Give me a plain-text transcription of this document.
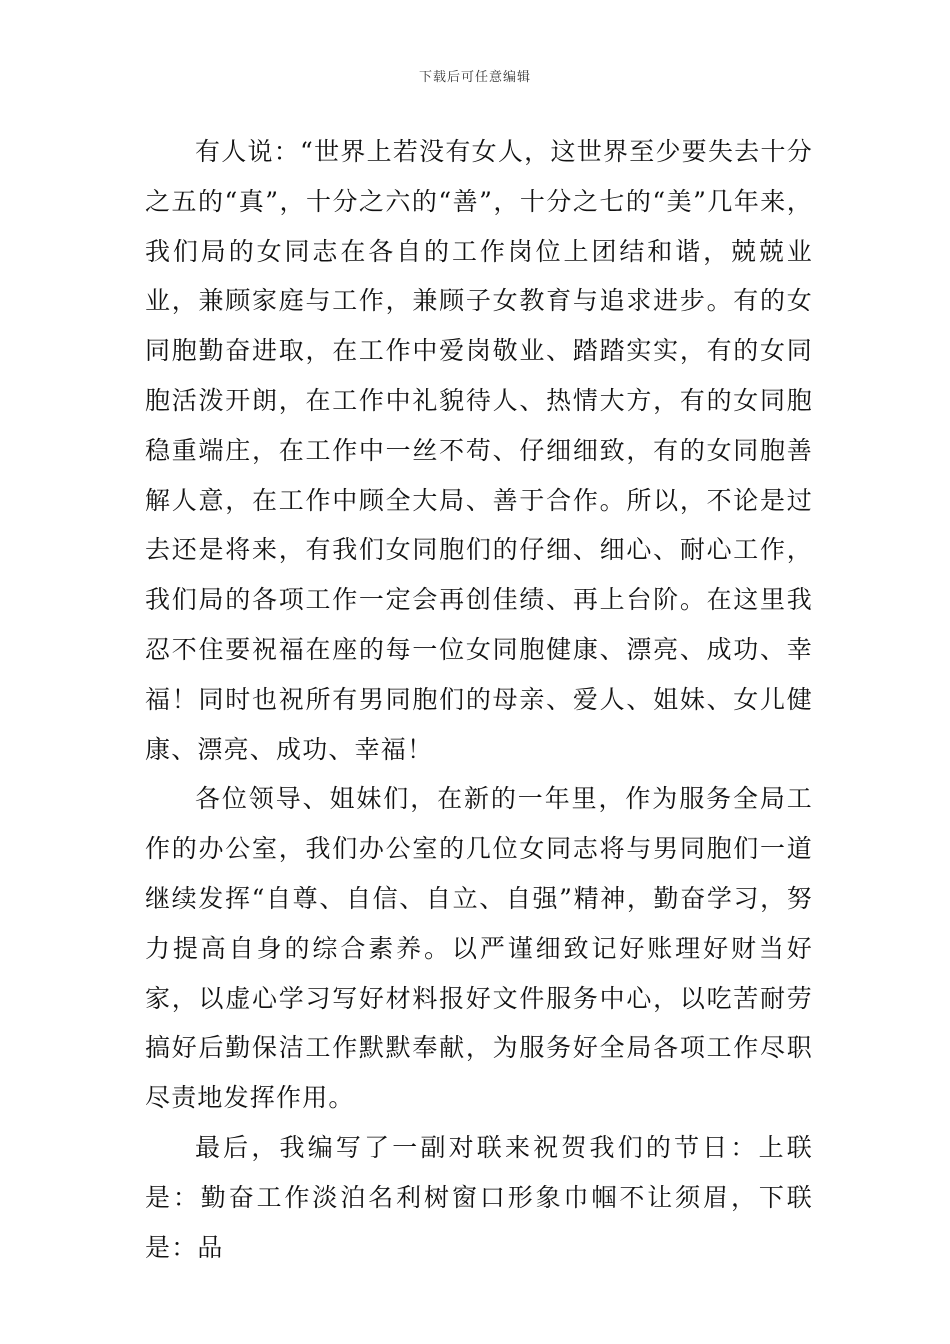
下载后可任意编辑

有人说：“世界上若没有女人，这世界至少要失去十分之五的“真”，十分之六的“善”，十分之七的“美”几年来，我们局的女同志在各自的工作岗位上团结和谐，兢兢业业，兼顾家庭与工作，兼顾子女教育与追求进步。有的女同胞勤奋进取，在工作中爱岗敬业、踏踏实实，有的女同胞活泼开朗，在工作中礼貌待人、热情大方，有的女同胞稳重端庄，在工作中一丝不苟、仔细细致，有的女同胞善解人意，在工作中顾全大局、善于合作。所以，不论是过去还是将来，有我们女同胞们的仔细、细心、耐心工作，我们局的各项工作一定会再创佳绩、再上台阶。在这里我忍不住要祝福在座的每一位女同胞健康、漂亮、成功、幸福！同时也祝所有男同胞们的母亲、爱人、姐妹、女儿健康、漂亮、成功、幸福！

各位领导、姐妹们，在新的一年里，作为服务全局工作的办公室，我们办公室的几位女同志将与男同胞们一道继续发挥“自尊、自信、自立、自强”精神，勤奋学习，努力提高自身的综合素养。以严谨细致记好账理好财当好家，以虚心学习写好材料报好文件服务中心，以吃苦耐劳搞好后勤保洁工作默默奉献，为服务好全局各项工作尽职尽责地发挥作用。

最后，我编写了一副对联来祝贺我们的节日：上联是：勤奋工作淡泊名利树窗口形象巾帼不让须眉，下联是：品
